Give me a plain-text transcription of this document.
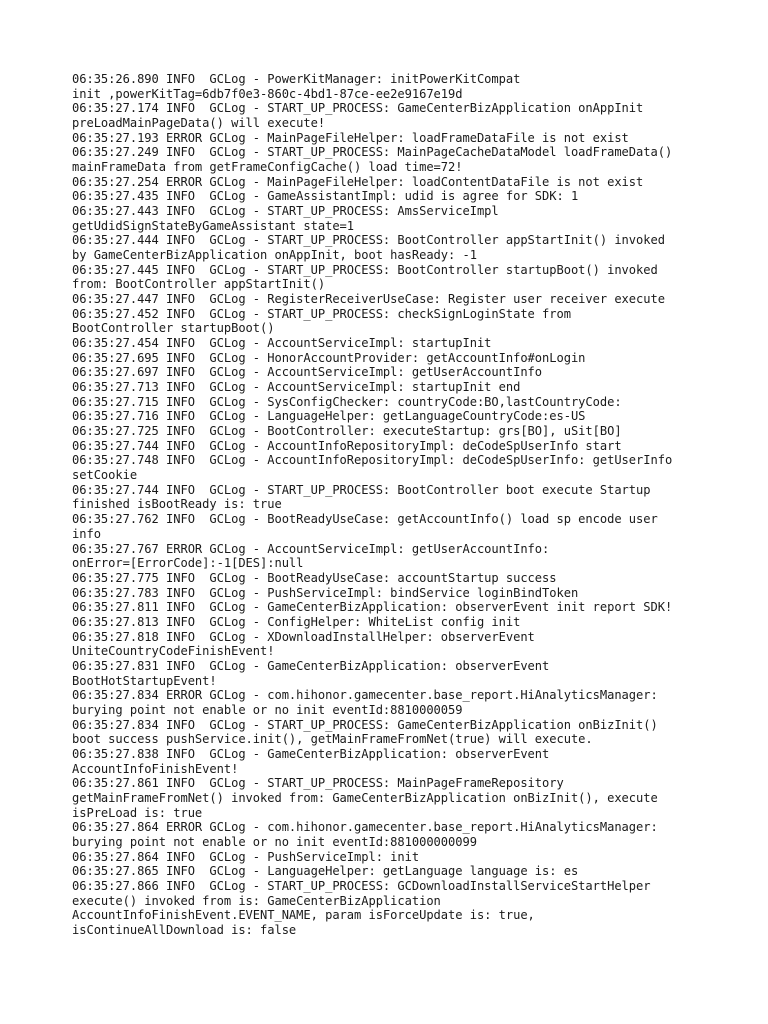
06:35:26.890 INFO  GCLog - PowerKitManager: initPowerKitCompat
init ,powerKitTag=6db7f0e3-860c-4bd1-87ce-ee2e9167e19d
06:35:27.174 INFO  GCLog - START_UP_PROCESS: GameCenterBizApplication onAppInit
preLoadMainPageData() will execute!
06:35:27.193 ERROR GCLog - MainPageFileHelper: loadFrameDataFile is not exist
06:35:27.249 INFO  GCLog - START_UP_PROCESS: MainPageCacheDataModel loadFrameData()
mainFrameData from getFrameConfigCache() load time=72!
06:35:27.254 ERROR GCLog - MainPageFileHelper: loadContentDataFile is not exist
06:35:27.435 INFO  GCLog - GameAssistantImpl: udid is agree for SDK: 1
06:35:27.443 INFO  GCLog - START_UP_PROCESS: AmsServiceImpl
getUdidSignStateByGameAssistant state=1
06:35:27.444 INFO  GCLog - START_UP_PROCESS: BootController appStartInit() invoked
by GameCenterBizApplication onAppInit, boot hasReady: -1
06:35:27.445 INFO  GCLog - START_UP_PROCESS: BootController startupBoot() invoked
from: BootController appStartInit()
06:35:27.447 INFO  GCLog - RegisterReceiverUseCase: Register user receiver execute
06:35:27.452 INFO  GCLog - START_UP_PROCESS: checkSignLoginState from
BootController startupBoot()
06:35:27.454 INFO  GCLog - AccountServiceImpl: startupInit
06:35:27.695 INFO  GCLog - HonorAccountProvider: getAccountInfo#onLogin
06:35:27.697 INFO  GCLog - AccountServiceImpl: getUserAccountInfo
06:35:27.713 INFO  GCLog - AccountServiceImpl: startupInit end
06:35:27.715 INFO  GCLog - SysConfigChecker: countryCode:BO,lastCountryCode:
06:35:27.716 INFO  GCLog - LanguageHelper: getLanguageCountryCode:es-US
06:35:27.725 INFO  GCLog - BootController: executeStartup: grs[BO], uSit[BO]
06:35:27.744 INFO  GCLog - AccountInfoRepositoryImpl: deCodeSpUserInfo start
06:35:27.748 INFO  GCLog - AccountInfoRepositoryImpl: deCodeSpUserInfo: getUserInfo
setCookie
06:35:27.744 INFO  GCLog - START_UP_PROCESS: BootController boot execute Startup
finished isBootReady is: true
06:35:27.762 INFO  GCLog - BootReadyUseCase: getAccountInfo() load sp encode user
info
06:35:27.767 ERROR GCLog - AccountServiceImpl: getUserAccountInfo:
onError=[ErrorCode]:-1[DES]:null
06:35:27.775 INFO  GCLog - BootReadyUseCase: accountStartup success
06:35:27.783 INFO  GCLog - PushServiceImpl: bindService loginBindToken
06:35:27.811 INFO  GCLog - GameCenterBizApplication: observerEvent init report SDK!
06:35:27.813 INFO  GCLog - ConfigHelper: WhiteList config init
06:35:27.818 INFO  GCLog - XDownloadInstallHelper: observerEvent
UniteCountryCodeFinishEvent!
06:35:27.831 INFO  GCLog - GameCenterBizApplication: observerEvent
BootHotStartupEvent!
06:35:27.834 ERROR GCLog - com.hihonor.gamecenter.base_report.HiAnalyticsManager:
burying point not enable or no init eventId:8810000059
06:35:27.834 INFO  GCLog - START_UP_PROCESS: GameCenterBizApplication onBizInit()
boot success pushService.init(), getMainFrameFromNet(true) will execute.
06:35:27.838 INFO  GCLog - GameCenterBizApplication: observerEvent
AccountInfoFinishEvent!
06:35:27.861 INFO  GCLog - START_UP_PROCESS: MainPageFrameRepository
getMainFrameFromNet() invoked from: GameCenterBizApplication onBizInit(), execute
isPreLoad is: true
06:35:27.864 ERROR GCLog - com.hihonor.gamecenter.base_report.HiAnalyticsManager:
burying point not enable or no init eventId:881000000099
06:35:27.864 INFO  GCLog - PushServiceImpl: init
06:35:27.865 INFO  GCLog - LanguageHelper: getLanguage language is: es
06:35:27.866 INFO  GCLog - START_UP_PROCESS: GCDownloadInstallServiceStartHelper
execute() invoked from is: GameCenterBizApplication
AccountInfoFinishEvent.EVENT_NAME, param isForceUpdate is: true,
isContinueAllDownload is: false
